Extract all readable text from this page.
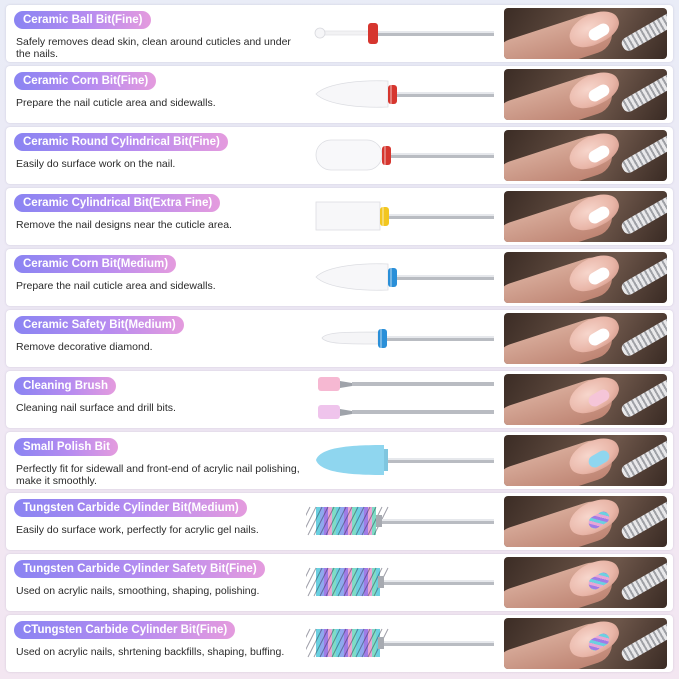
Ceramic Ball Bit(Fine)
Safely removes dead skin, clean around cuticles and under the nails.
Ceramic Corn Bit(Fine)
Prepare the nail cuticle area and sidewalls.
Ceramic Round Cylindrical Bit(Fine)
Easily do surface work on the nail.
Ceramic Cylindrical Bit(Extra Fine)
Remove the nail designs near the cuticle area.
Ceramic Corn Bit(Medium)
Prepare the nail cuticle area and sidewalls.
Ceramic Safety Bit(Medium)
Remove decorative diamond.
Cleaning Brush
Cleaning nail surface and drill bits.
Small Polish Bit
Perfectly fit for sidewall and front-end of acrylic nail polishing, make it smoothly.
Tungsten Carbide Cylinder Bit(Medium)
Easily do surface work, perfectly for acrylic gel nails.
Tungsten Carbide Cylinder Safety Bit(Fine)
Used on acrylic nails, smoothing, shaping, polishing.
CTungsten Carbide Cylinder Bit(Fine)
Used on acrylic nails, shrtening backfills, shaping, buffing.
